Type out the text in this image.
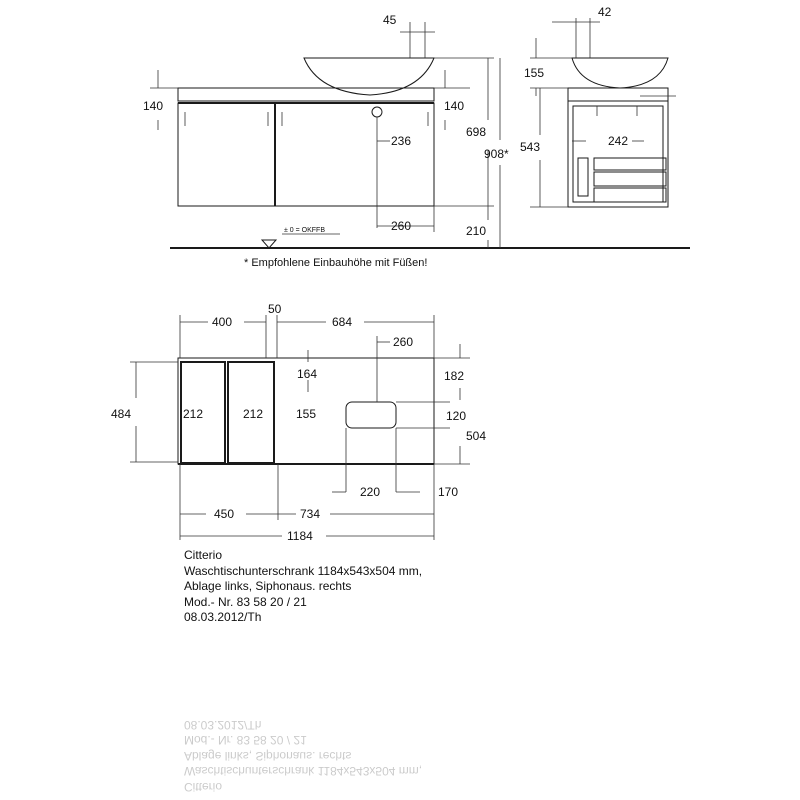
45
140	140
236
698
908*
260	210
± 0 = OKFFB
* Empfohlene Einbauhöhe mit Füßen!
42
155
543	242
400
50
684
260
164	182
484	212	212	155	120
504
220	170
450	734
1184
Citterio
Waschtischunterschrank 1184x543x504 mm,
Ablage links, Siphonaus. rechts
Mod.- Nr. 83 58 20 / 21
08.03.2012/Th
Citterio
Waschtischunterschrank 1184x543x504 mm,
Ablage links, Siphonaus. rechts
Mod.- Nr. 83 58 20 / 21
08.03.2012/Th
